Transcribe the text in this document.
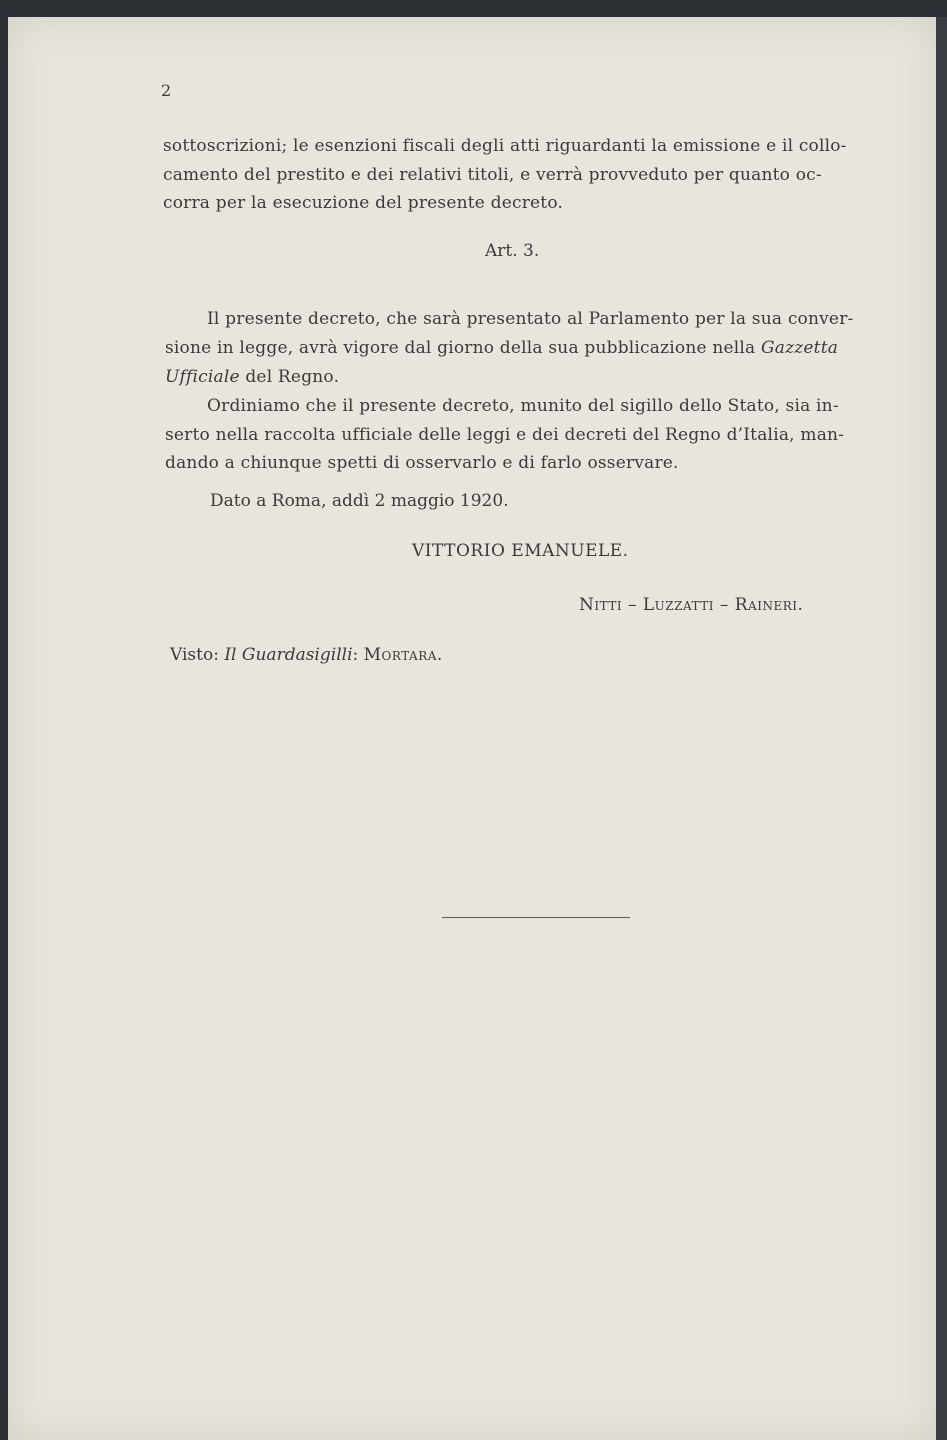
2
sottoscrizioni; le esenzioni fiscali degli atti riguardanti la emissione e il collo-
camento del prestito e dei relativi titoli, e verrà provveduto per quanto oc-
corra per la esecuzione del presente decreto.
Art. 3.
Il presente decreto, che sarà presentato al Parlamento per la sua conver-
sione in legge, avrà vigore dal giorno della sua pubblicazione nella Gazzetta
Ufficiale del Regno.
Ordiniamo che il presente decreto, munito del sigillo dello Stato, sia in-
serto nella raccolta ufficiale delle leggi e dei decreti del Regno d’Italia, man-
dando a chiunque spetti di osservarlo e di farlo osservare.
Dato a Roma, addì 2 maggio 1920.
VITTORIO EMANUELE.
Nitti – Luzzatti – Raineri.
Visto: Il Guardasigilli: Mortara.
